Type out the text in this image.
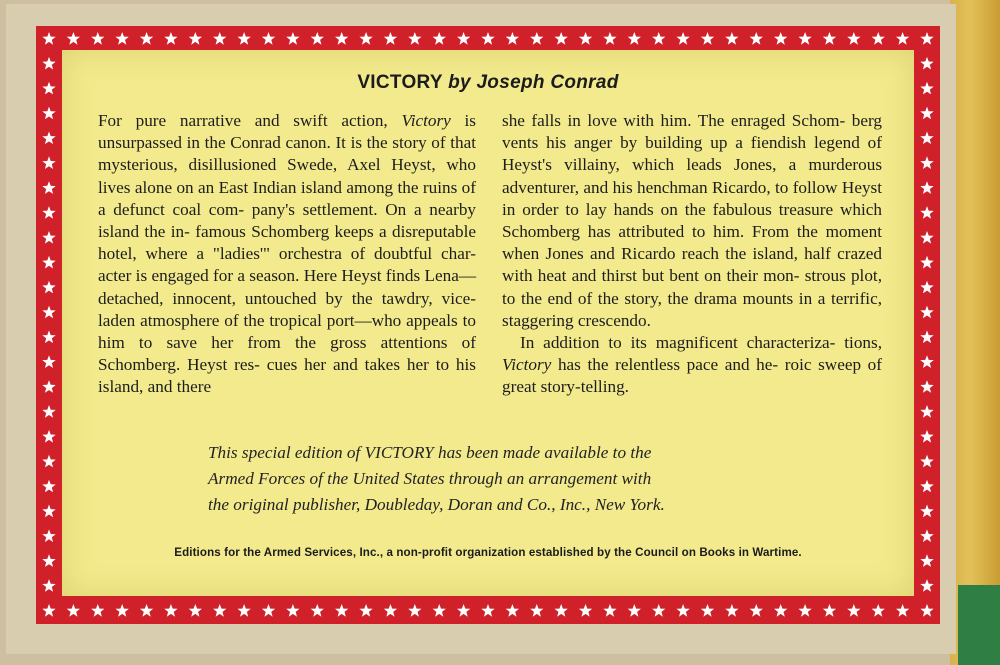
VICTORY by Joseph Conrad

For pure narrative and swift action, Victory is unsurpassed in the Conrad canon. It is the story of that mysterious, disillusioned Swede, Axel Heyst, who lives alone on an East Indian island among the ruins of a defunct coal com- pany's settlement. On a nearby island the in- famous Schomberg keeps a disreputable hotel, where a "ladies'" orchestra of doubtful char- acter is engaged for a season. Here Heyst finds Lena—detached, innocent, untouched by the tawdry, vice-laden atmosphere of the tropical port—who appeals to him to save her from the gross attentions of Schomberg. Heyst res- cues her and takes her to his island, and there

she falls in love with him. The enraged Schom- berg vents his anger by building up a fiendish legend of Heyst's villainy, which leads Jones, a murderous adventurer, and his henchman Ricardo, to follow Heyst in order to lay hands on the fabulous treasure which Schomberg has attributed to him. From the moment when Jones and Ricardo reach the island, half crazed with heat and thirst but bent on their mon- strous plot, to the end of the story, the drama mounts in a terrific, staggering crescendo.

In addition to its magnificent characteriza- tions, Victory has the relentless pace and he- roic sweep of great story-telling.

This special edition of VICTORY has been made available to the

Armed Forces of the United States through an arrangement with

the original publisher, Doubleday, Doran and Co., Inc., New York.

Editions for the Armed Services, Inc., a non-profit organization established by the Council on Books in Wartime.
